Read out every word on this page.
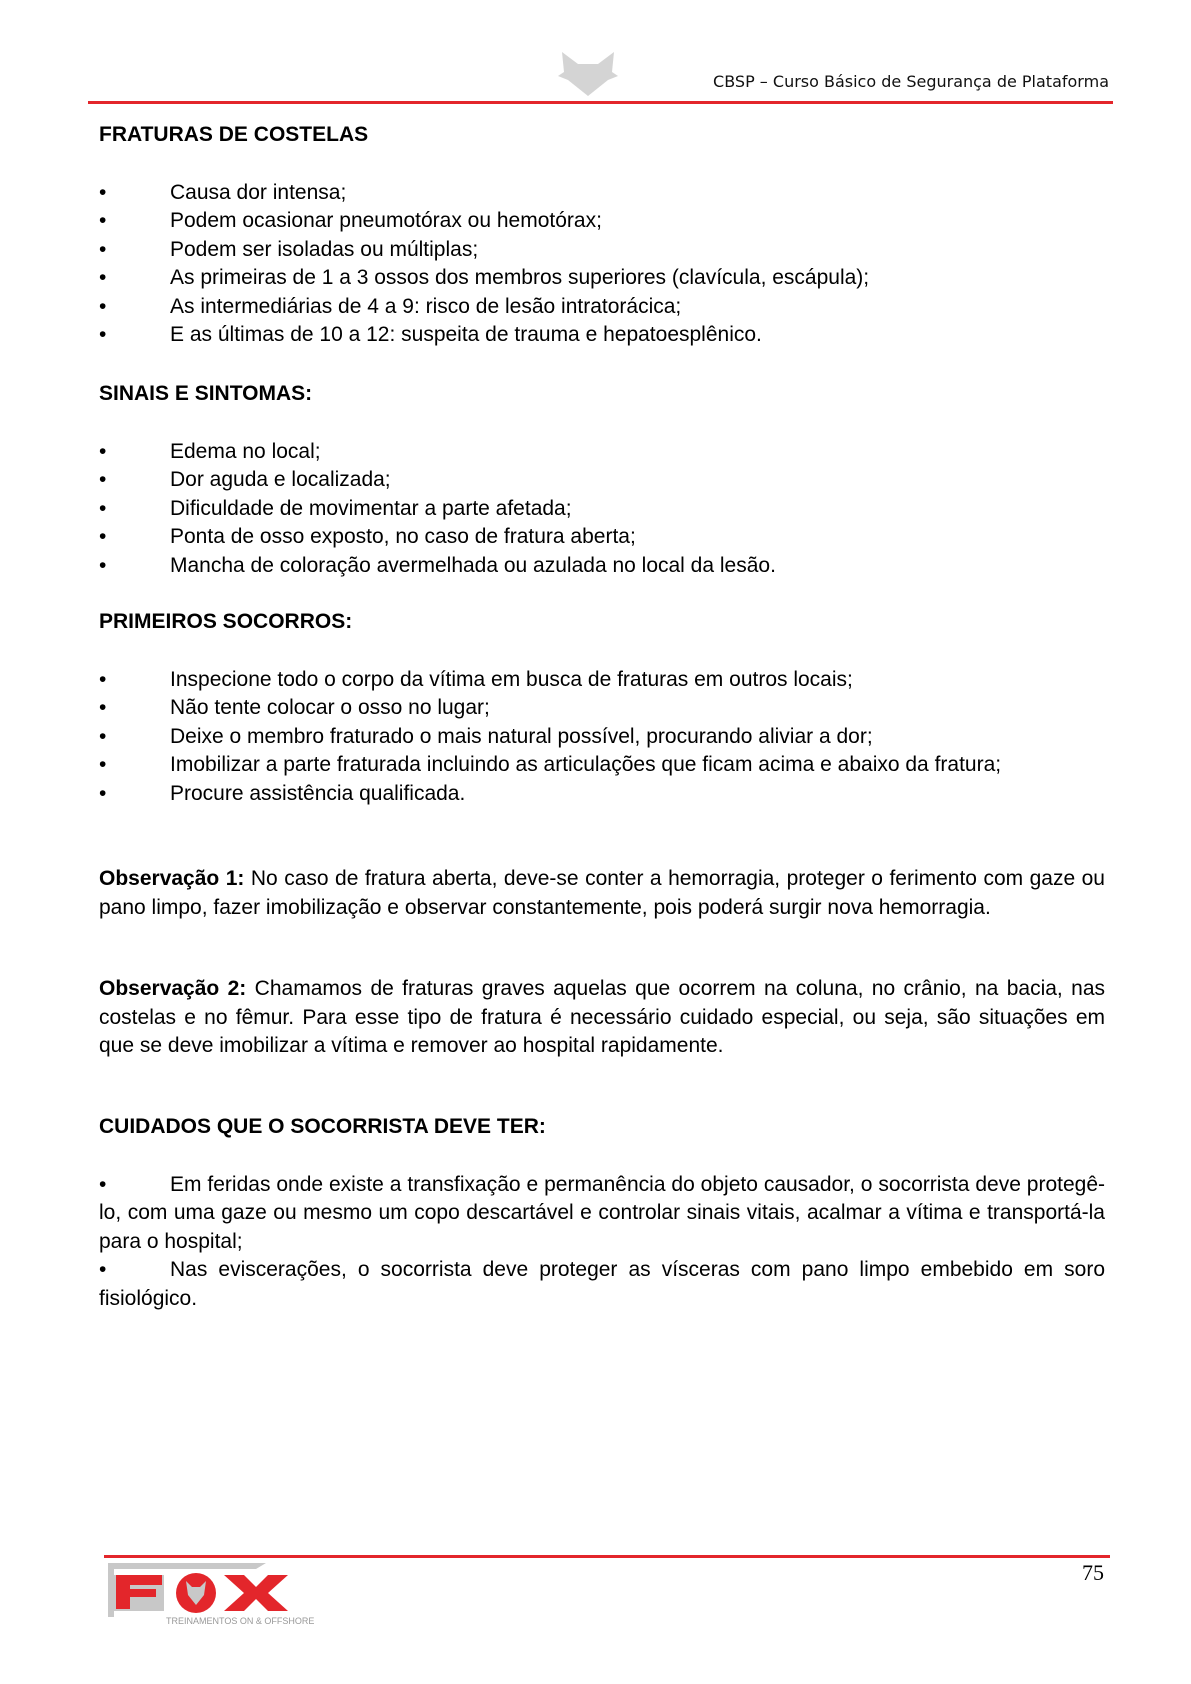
CBSP – Curso Básico de Segurança de Plataforma
FRATURAS DE COSTELAS
•	Causa dor intensa;
•	Podem ocasionar pneumotórax ou hemotórax;
•	Podem ser isoladas ou múltiplas;
•	As primeiras de 1 a 3 ossos dos membros superiores (clavícula, escápula);
•	As intermediárias de 4 a 9: risco de lesão intratorácica;
•	E as últimas de 10 a 12: suspeita de trauma e hepatoesplênico.
SINAIS E SINTOMAS:
•	Edema no local;
•	Dor aguda e localizada;
•	Dificuldade de movimentar a parte afetada;
•	Ponta de osso exposto, no caso de fratura aberta;
•	Mancha de coloração avermelhada ou azulada no local da lesão.
PRIMEIROS SOCORROS:
•	Inspecione todo o corpo da vítima em busca de fraturas em outros locais;
•	Não tente colocar o osso no lugar;
•	Deixe o membro fraturado o mais natural possível, procurando aliviar a dor;
•	Imobilizar a parte fraturada incluindo as articulações que ficam acima e abaixo da fratura;
•	Procure assistência qualificada.
Observação 1: No caso de fratura aberta, deve-se conter a hemorragia, proteger o ferimento com gaze ou pano limpo, fazer imobilização e observar constantemente, pois poderá surgir nova hemorragia.
Observação 2: Chamamos de fraturas graves aquelas que ocorrem na coluna, no crânio, na bacia, nas costelas e no fêmur. Para esse tipo de fratura é necessário cuidado especial, ou seja, são situações em que se deve imobilizar a vítima e remover ao hospital rapidamente.
CUIDADOS QUE O SOCORRISTA DEVE TER:
•	Em feridas onde existe a transfixação e permanência do objeto causador, o socorrista deve protegê-lo, com uma gaze ou mesmo um copo descartável e controlar sinais vitais, acalmar a vítima e transportá-la para o hospital;
•	Nas eviscerações, o socorrista deve proteger as vísceras com pano limpo embebido em soro fisiológico.
TREINAMENTOS ON & OFFSHORE
75
